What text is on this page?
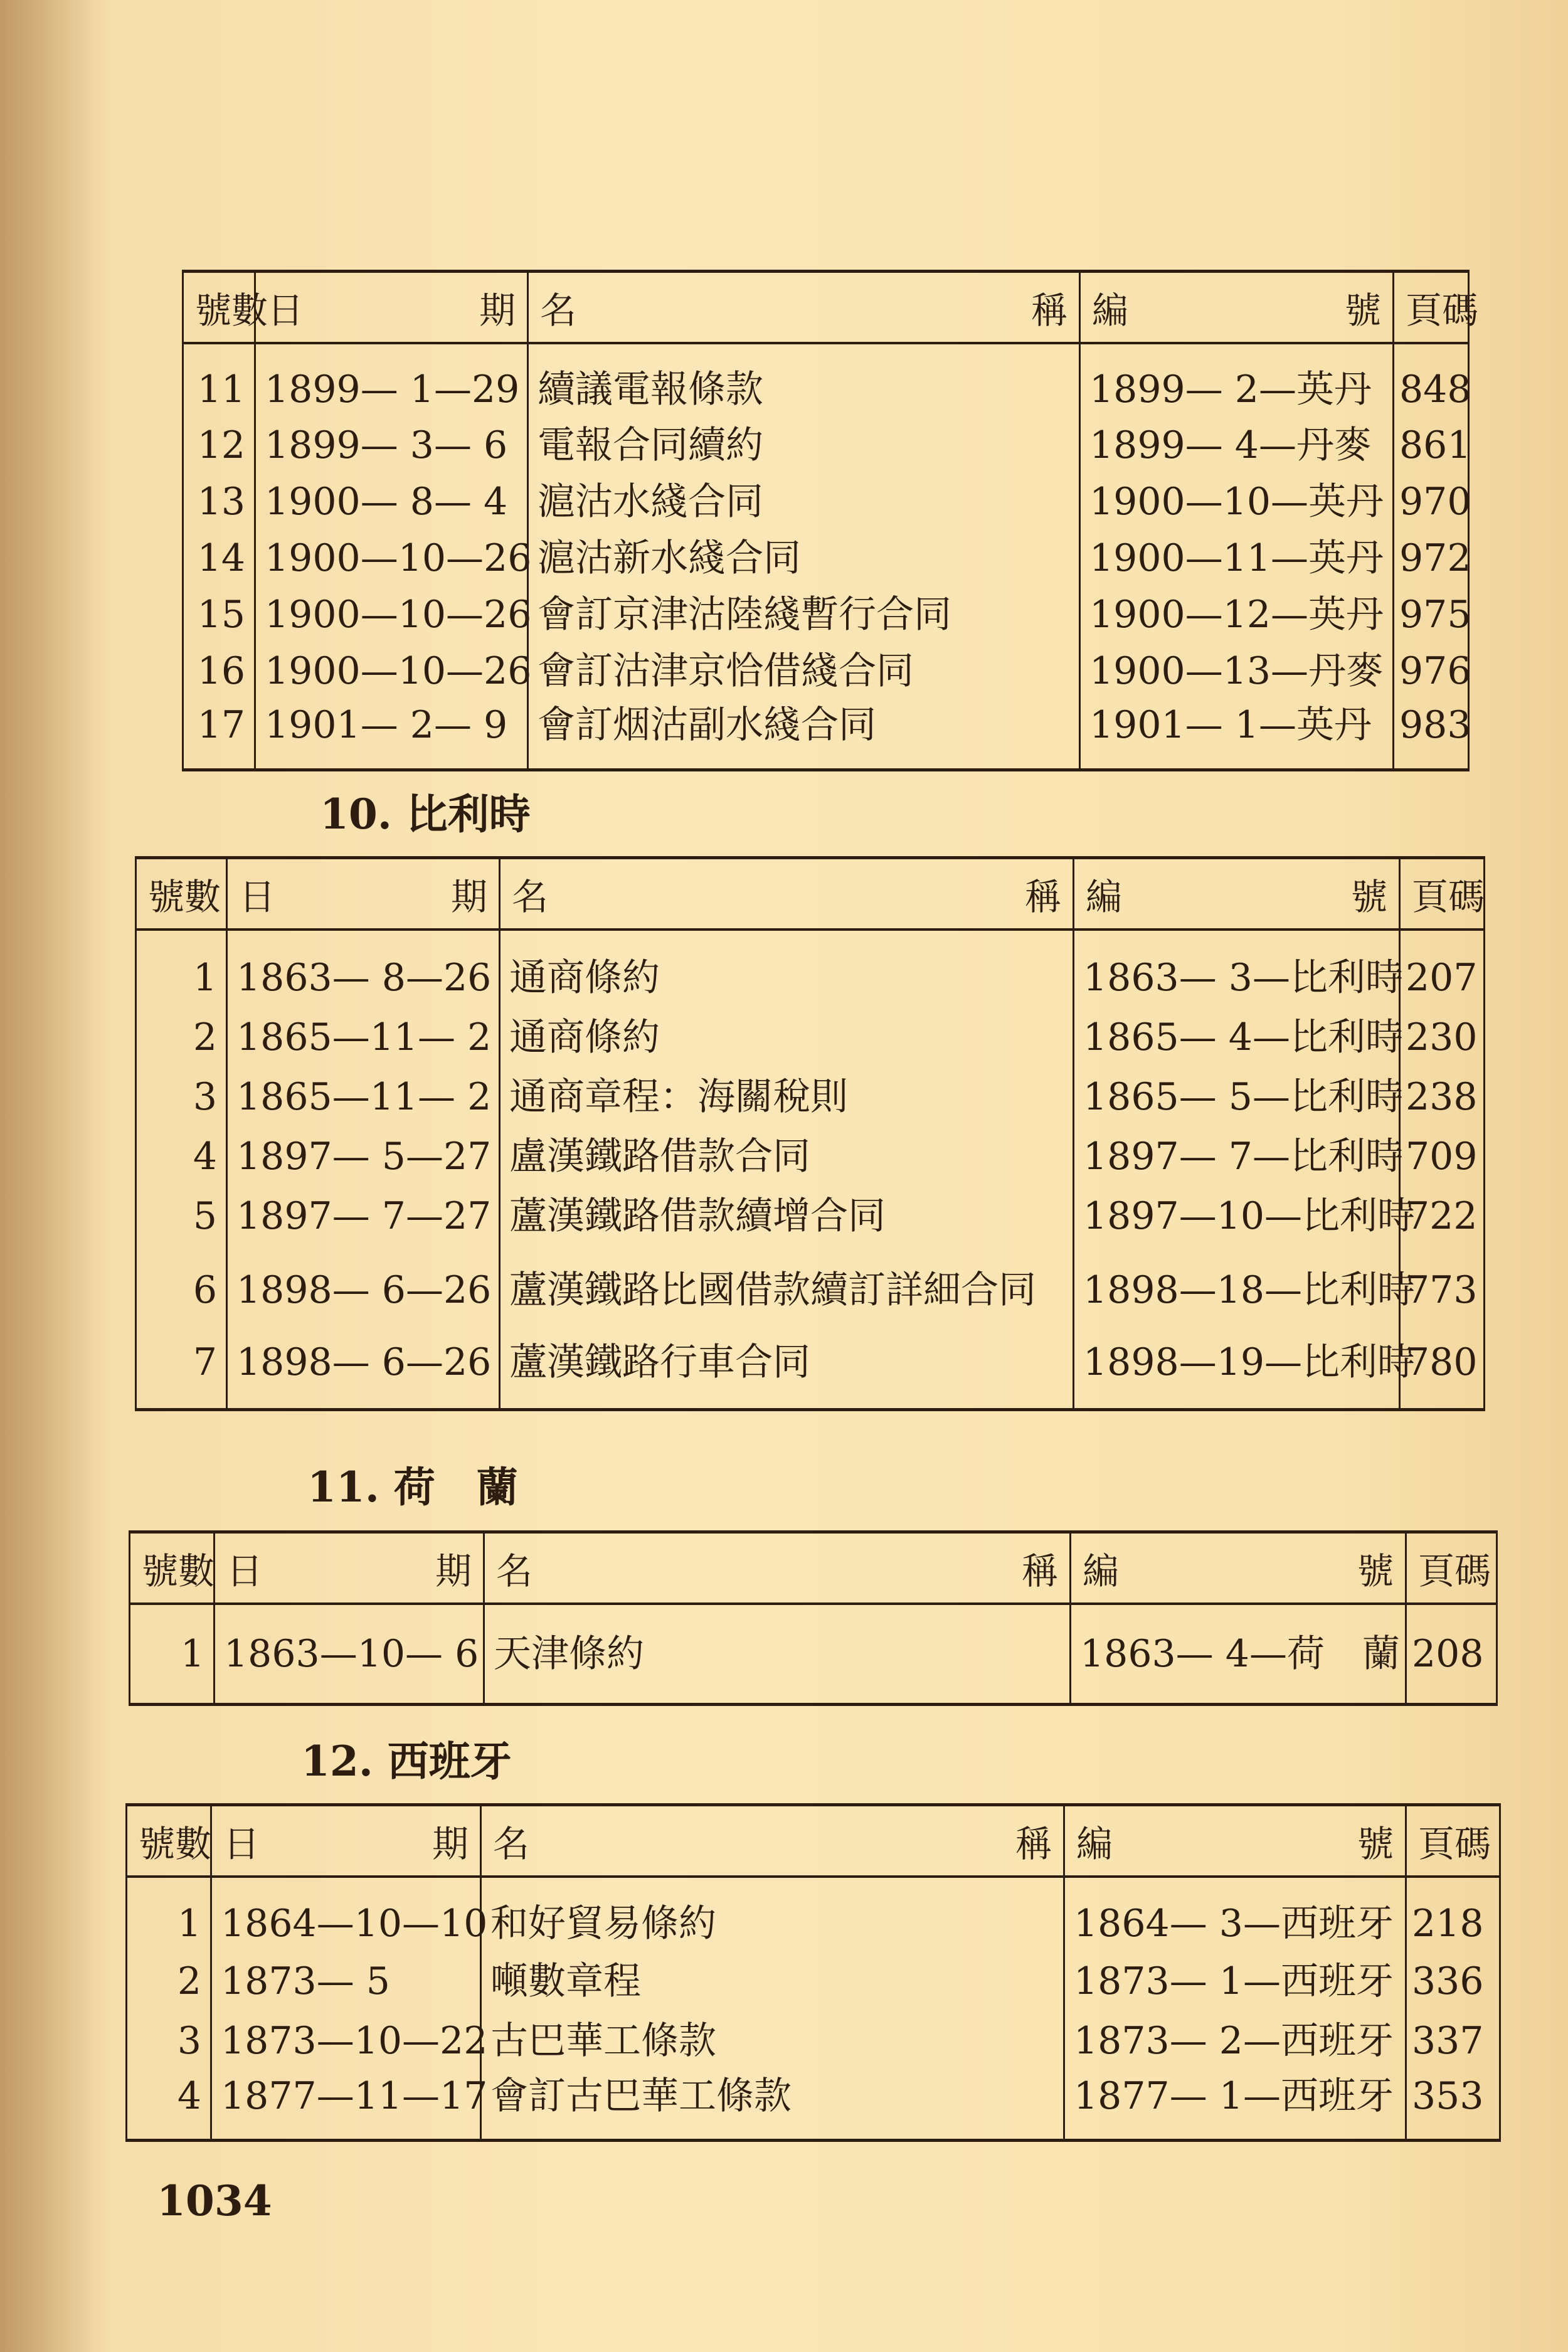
號數	日 期	名 稱	編 號	頁碼
11	1899— 1—29	續議電報條款	1899— 2—英丹	848
12	1899— 3— 6	電報合同續約	1899— 4—丹麥	861
13	1900— 8— 4	滬沽水綫合同	1900—10—英丹	970
14	1900—10—26	滬沽新水綫合同	1900—11—英丹	972
15	1900—10—26	會訂京津沽陸綫暫行合同	1900—12—英丹	975
16	1900—10—26	會訂沽津京恰借綫合同	1900—13—丹麥	976
17	1901— 2— 9	會訂烟沽副水綫合同	1901— 1—英丹	983
10. 比利時
號數	日 期	名 稱	編 號	頁碼
1	1863— 8—26	通商條約	1863— 3—比利時	207
2	1865—11— 2	通商條約	1865— 4—比利時	230
3	1865—11— 2	通商章程：海關稅則	1865— 5—比利時	238
4	1897— 5—27	盧漢鐵路借款合同	1897— 7—比利時	709
5	1897— 7—27	蘆漢鐵路借款續增合同	1897—10—比利時	722
6	1898— 6—26	蘆漢鐵路比國借款續訂詳細合同	1898—18—比利時	773
7	1898— 6—26	蘆漢鐵路行車合同	1898—19—比利時	780
11. 荷　蘭
號數	日 期	名 稱	編 號	頁碼
1	1863—10— 6	天津條約	1863— 4—荷　蘭	208
12. 西班牙
號數	日 期	名 稱	編 號	頁碼
1	1864—10—10	和好貿易條約	1864— 3—西班牙	218
2	1873— 5	噸數章程	1873— 1—西班牙	336
3	1873—10—22	古巴華工條款	1873— 2—西班牙	337
4	1877—11—17	會訂古巴華工條款	1877— 1—西班牙	353
1034
